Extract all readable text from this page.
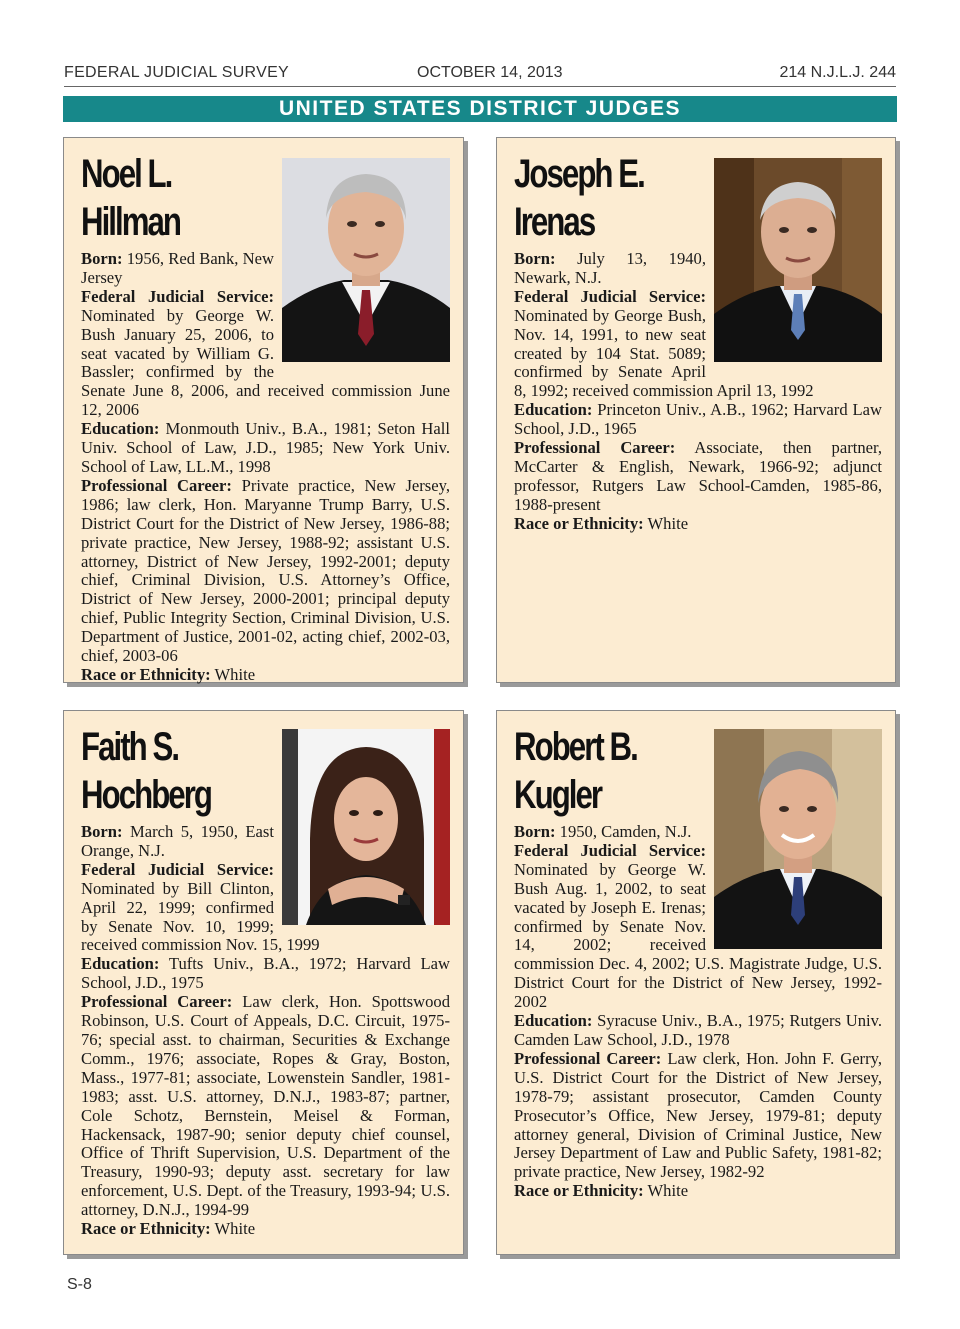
FEDERAL JUDICIAL SURVEY	OCTOBER 14, 2013	214 N.J.L.J. 244
UNITED STATES DISTRICT JUDGES
Noel L.
Hillman

Born: 1956, Red Bank, New Jersey

Federal Judicial Service: Nominated by George W. Bush January 25, 2006, to seat vacated by William G. Bassler; confirmed by the Senate June 8, 2006, and received commission June 12, 2006

Education: Monmouth Univ., B.A., 1981; Seton Hall Univ. School of Law, J.D., 1985; New York Univ. School of Law, LL.M., 1998

Professional Career: Private practice, New Jersey, 1986; law clerk, Hon. Maryanne Trump Barry, U.S. District Court for the District of New Jersey, 1986-88; private practice, New Jersey, 1988-92; assistant U.S. attorney, District of New Jersey, 1992-2001; deputy chief, Criminal Division, U.S. Attorney’s Office, District of New Jersey, 2000-2001; principal deputy chief, Public Integrity Section, Criminal Division, U.S. Department of Justice, 2001-02, acting chief, 2002-03, chief, 2003-06

Race or Ethnicity: White

Joseph E.
Irenas

Born: July 13, 1940, Newark, N.J.

Federal Judicial Service: Nominated by George Bush, Nov. 14, 1991, to new seat created by 104 Stat. 5089; confirmed by Senate April 8, 1992; received commission April 13, 1992

Education: Princeton Univ., A.B., 1962; Harvard Law School, J.D., 1965

Professional Career: Associate, then partner, McCarter & English, Newark, 1966-92; adjunct professor, Rutgers Law School-Camden, 1985-86, 1988-present

Race or Ethnicity: White

Faith S.
Hochberg

Born: March 5, 1950, East Orange, N.J.

Federal Judicial Service: Nominated by Bill Clinton, April 22, 1999; confirmed by Senate Nov. 10, 1999; received commission Nov. 15, 1999

Education: Tufts Univ., B.A., 1972; Harvard Law School, J.D., 1975

Professional Career: Law clerk, Hon. Spottswood Robinson, U.S. Court of Appeals, D.C. Circuit, 1975-76; special asst. to chairman, Securities & Exchange Comm., 1976; associate, Ropes & Gray, Boston, Mass., 1977-81; associate, Lowenstein Sandler, 1981-1983; asst. U.S. attorney, D.N.J., 1983-87; partner, Cole Schotz, Bernstein, Meisel & Forman, Hackensack, 1987-90; senior deputy chief counsel, Office of Thrift Supervision, U.S. Department of the Treasury, 1990-93; deputy asst. secretary for law enforcement, U.S. Dept. of the Treasury, 1993-94; U.S. attorney, D.N.J., 1994-99

Race or Ethnicity: White

Robert B.
Kugler

Born: 1950, Camden, N.J.

Federal Judicial Service: Nominated by George W. Bush Aug. 1, 2002, to seat vacated by Joseph E. Irenas; confirmed by Senate Nov. 14, 2002; received commission Dec. 4, 2002; U.S. Magistrate Judge, U.S. District Court for the District of New Jersey, 1992-2002

Education: Syracuse Univ., B.A., 1975; Rutgers Univ. Camden Law School, J.D., 1978

Professional Career: Law clerk, Hon. John F. Gerry, U.S. District Court for the District of New Jersey, 1978-79; assistant prosecutor, Camden County Prosecutor’s Office, New Jersey, 1979-81; deputy attorney general, Division of Criminal Justice, New Jersey Department of Law and Public Safety, 1981-82; private practice, New Jersey, 1982-92

Race or Ethnicity: White

S-8
